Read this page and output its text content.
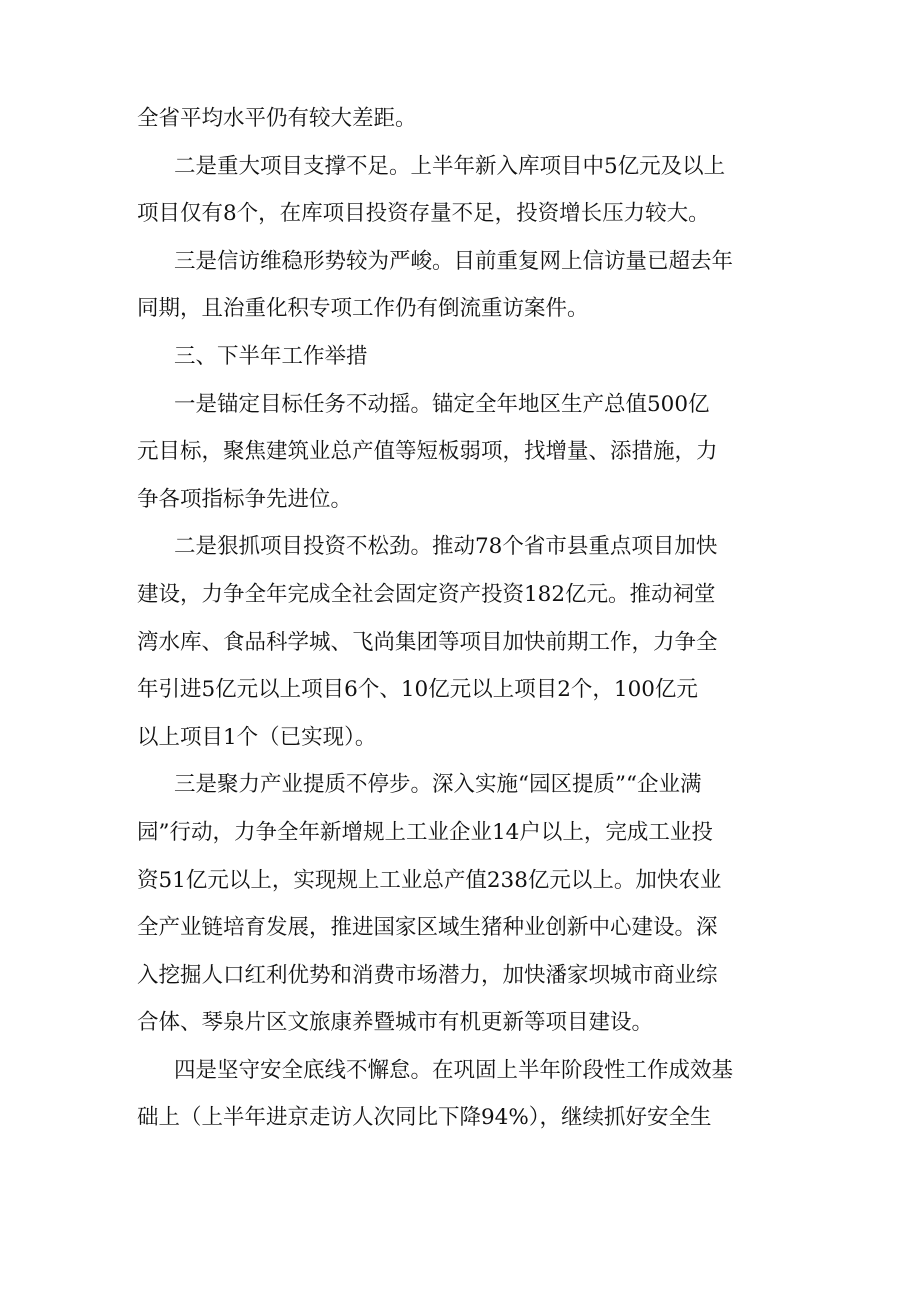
全省平均水平仍有较大差距。
二是重大项目支撑不足。上半年新入库项目中5亿元及以上
项目仅有8个，在库项目投资存量不足，投资增长压力较大。
三是信访维稳形势较为严峻。目前重复网上信访量已超去年
同期，且治重化积专项工作仍有倒流重访案件。
三、下半年工作举措
一是锚定目标任务不动摇。锚定全年地区生产总值500亿
元目标，聚焦建筑业总产值等短板弱项，找增量、添措施，力
争各项指标争先进位。
二是狠抓项目投资不松劲。推动78个省市县重点项目加快
建设，力争全年完成全社会固定资产投资182亿元。推动祠堂
湾水库、食品科学城、飞尚集团等项目加快前期工作，力争全
年引进5亿元以上项目6个、10亿元以上项目2个，100亿元
以上项目1个（已实现）。
三是聚力产业提质不停步。深入实施“园区提质”“企业满
园”行动，力争全年新增规上工业企业14户以上，完成工业投
资51亿元以上，实现规上工业总产值238亿元以上。加快农业
全产业链培育发展，推进国家区域生猪种业创新中心建设。深
入挖掘人口红利优势和消费市场潜力，加快潘家坝城市商业综
合体、琴泉片区文旅康养暨城市有机更新等项目建设。
四是坚守安全底线不懈怠。在巩固上半年阶段性工作成效基
础上（上半年进京走访人次同比下降94%），继续抓好安全生
